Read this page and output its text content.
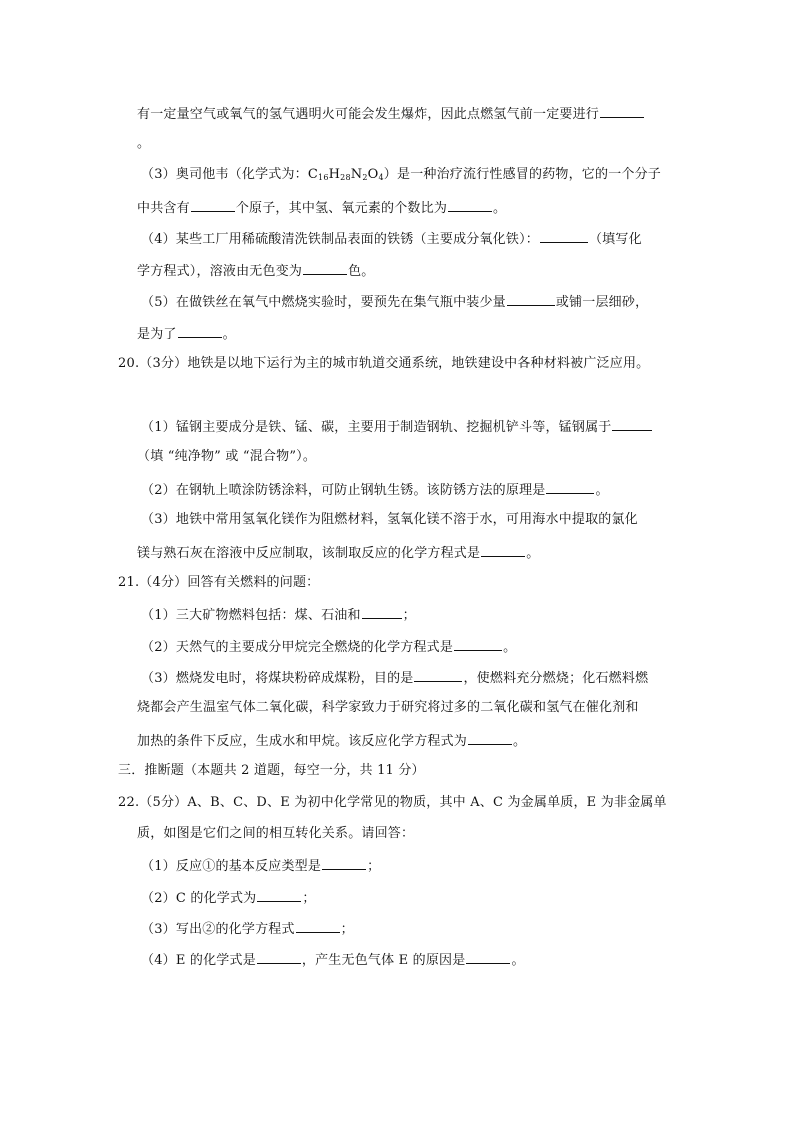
有一定量空气或氧气的氢气遇明火可能会发生爆炸，因此点燃氢气前一定要进行
。
（3）奥司他韦（化学式为：$C_{16}H_{28}N_2O_4$）是一种治疗流行性感冒的药物，它的一个分子
中共含有	个原子，其中氢、氧元素的个数比为	。
（4）某些工厂用稀硫酸清洗铁制品表面的铁锈（主要成分氧化铁）：	（填写化
学方程式），溶液由无色变为	色。
（5）在做铁丝在氧气中燃烧实验时，要预先在集气瓶中装少量	或铺一层细砂，
是为了	。
20.（3分）地铁是以地下运行为主的城市轨道交通系统，地铁建设中各种材料被广泛应用。
（1）锰钢主要成分是铁、锰、碳，主要用于制造钢轨、挖掘机铲斗等，锰钢属于
（填 “纯净物” 或 “混合物”）。
（2）在钢轨上喷涂防锈涂料，可防止钢轨生锈。该防锈方法的原理是	。
（3）地铁中常用氢氧化镁作为阻燃材料，氢氧化镁不溶于水，可用海水中提取的氯化
镁与熟石灰在溶液中反应制取，该制取反应的化学方程式是	。
21.（4分）回答有关燃料的问题：
（1）三大矿物燃料包括：煤、石油和	；
（2）天然气的主要成分甲烷完全燃烧的化学方程式是	。
（3）燃烧发电时，将煤块粉碎成煤粉，目的是	，使燃料充分燃烧；化石燃料燃
烧都会产生温室气体二氧化碳，科学家致力于研究将过多的二氧化碳和氢气在催化剂和
加热的条件下反应，生成水和甲烷。该反应化学方程式为	。
三．推断题（本题共 2 道题，每空一分，共 11 分）
22.（5分）A、B、C、D、E 为初中化学常见的物质，其中 A、C 为金属单质，E 为非金属单
质，如图是它们之间的相互转化关系。请回答：
（1）反应①的基本反应类型是	；
（2）C 的化学式为	；
（3）写出②的化学方程式	；
（4）E 的化学式是	，产生无色气体 E 的原因是	。
